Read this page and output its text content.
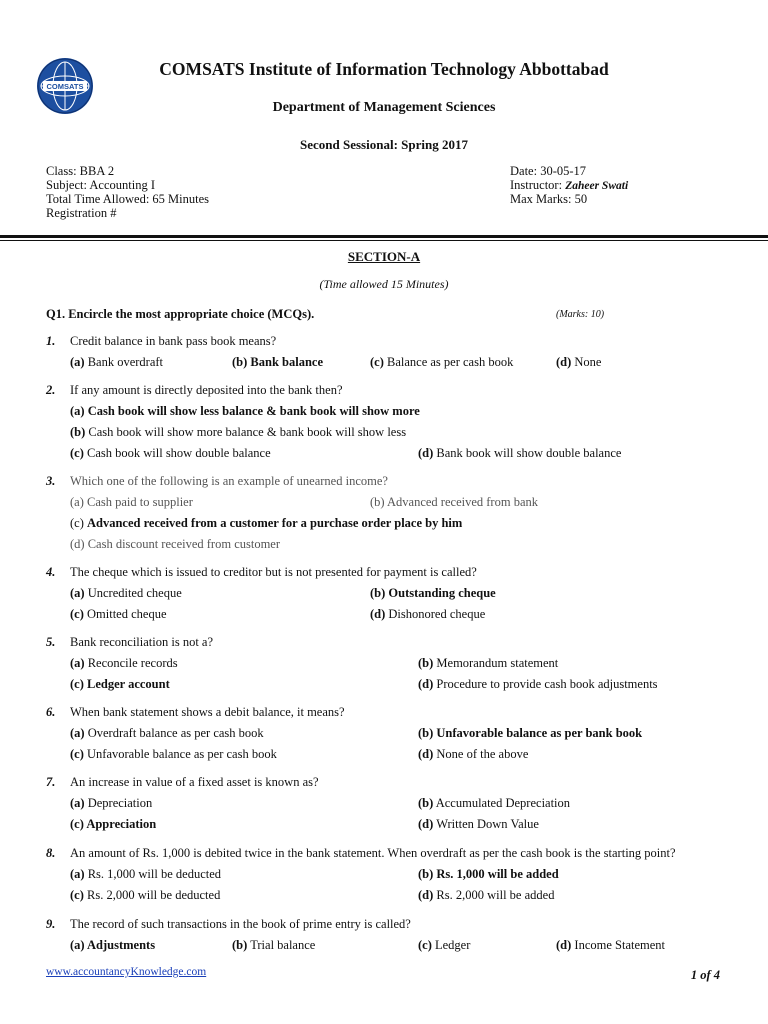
COMSATS
COMSATS Institute of Information Technology Abbottabad
Department of Management Sciences
Second Sessional: Spring 2017
Class: BBA 2
Subject: Accounting I
Total Time Allowed: 65 Minutes
Registration #
Date: 30-05-17
Instructor: Zaheer Swati
Max Marks: 50
SECTION-A
(Time allowed 15 Minutes)
Q1. Encircle the most appropriate choice (MCQs).	(Marks: 10)
1.	Credit balance in bank pass book means?
(a) Bank overdraft	(b) Bank balance	(c) Balance as per cash book	(d) None
2.	If any amount is directly deposited into the bank then?
(a) Cash book will show less balance & bank book will show more
(b) Cash book will show more balance & bank book will show less
(c) Cash book will show double balance	(d) Bank book will show double balance
3.	Which one of the following is an example of unearned income?
(a) Cash paid to supplier	(b) Advanced received from bank
(c) Advanced received from a customer for a purchase order place by him
(d) Cash discount received from customer
4.	The cheque which is issued to creditor but is not presented for payment is called?
(a) Uncredited cheque	(b) Outstanding cheque
(c) Omitted cheque	(d) Dishonored cheque
5.	Bank reconciliation is not a?
(a) Reconcile records	(b) Memorandum statement
(c) Ledger account	(d) Procedure to provide cash book adjustments
6.	When bank statement shows a debit balance, it means?
(a) Overdraft balance as per cash book	(b) Unfavorable balance as per bank book
(c) Unfavorable balance as per cash book	(d) None of the above
7.	An increase in value of a fixed asset is known as?
(a) Depreciation	(b) Accumulated Depreciation
(c) Appreciation	(d) Written Down Value
8.	An amount of Rs. 1,000 is debited twice in the bank statement. When overdraft as per the cash book is the starting point?
(a) Rs. 1,000 will be deducted	(b) Rs. 1,000 will be added
(c) Rs. 2,000 will be deducted	(d) Rs. 2,000 will be added
9.	The record of such transactions in the book of prime entry is called?
(a) Adjustments	(b) Trial balance	(c) Ledger	(d) Income Statement
www.accountancyKnowledge.com	1 of 4
